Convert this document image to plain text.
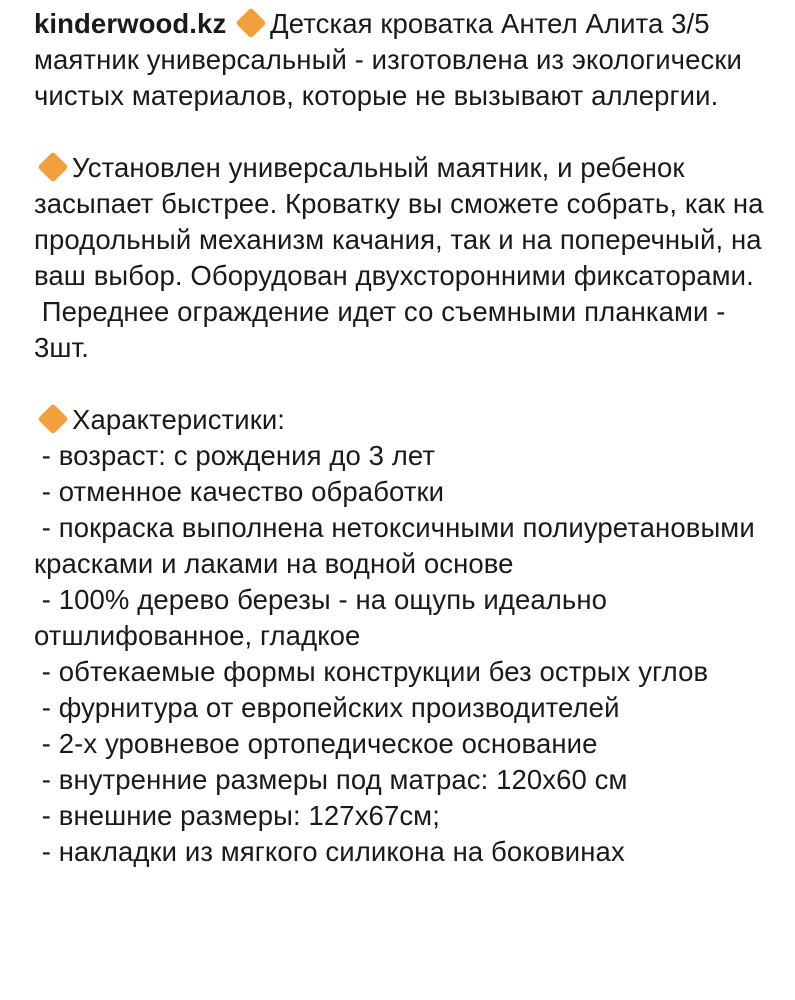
kinderwood.kz Детская кроватка Антел Алита 3/5 маятник универсальный - изготовлена из экологически чистых материалов, которые не вызывают аллергии.

Установлен универсальный маятник, и ребенок засыпает быстрее. Кроватку вы сможете собрать, как на продольный механизм качания, так и на поперечный, на ваш выбор. Оборудован двухсторонними фиксаторами.

Переднее ограждение идет со съемными планками - 3шт.

Характеристики:

- возраст: с рождения до 3 лет
- отменное качество обработки
- покраска выполнена нетоксичными полиуретановыми красками и лаками на водной основе
- 100% дерево березы - на ощупь идеально отшлифованное, гладкое
- обтекаемые формы конструкции без острых углов
- фурнитура от европейских производителей
- 2-х уровневое ортопедическое основание
- внутренние размеры под матрас: 120х60 см
- внешние размеры: 127х67см;
- накладки из мягкого силикона на боковинах
